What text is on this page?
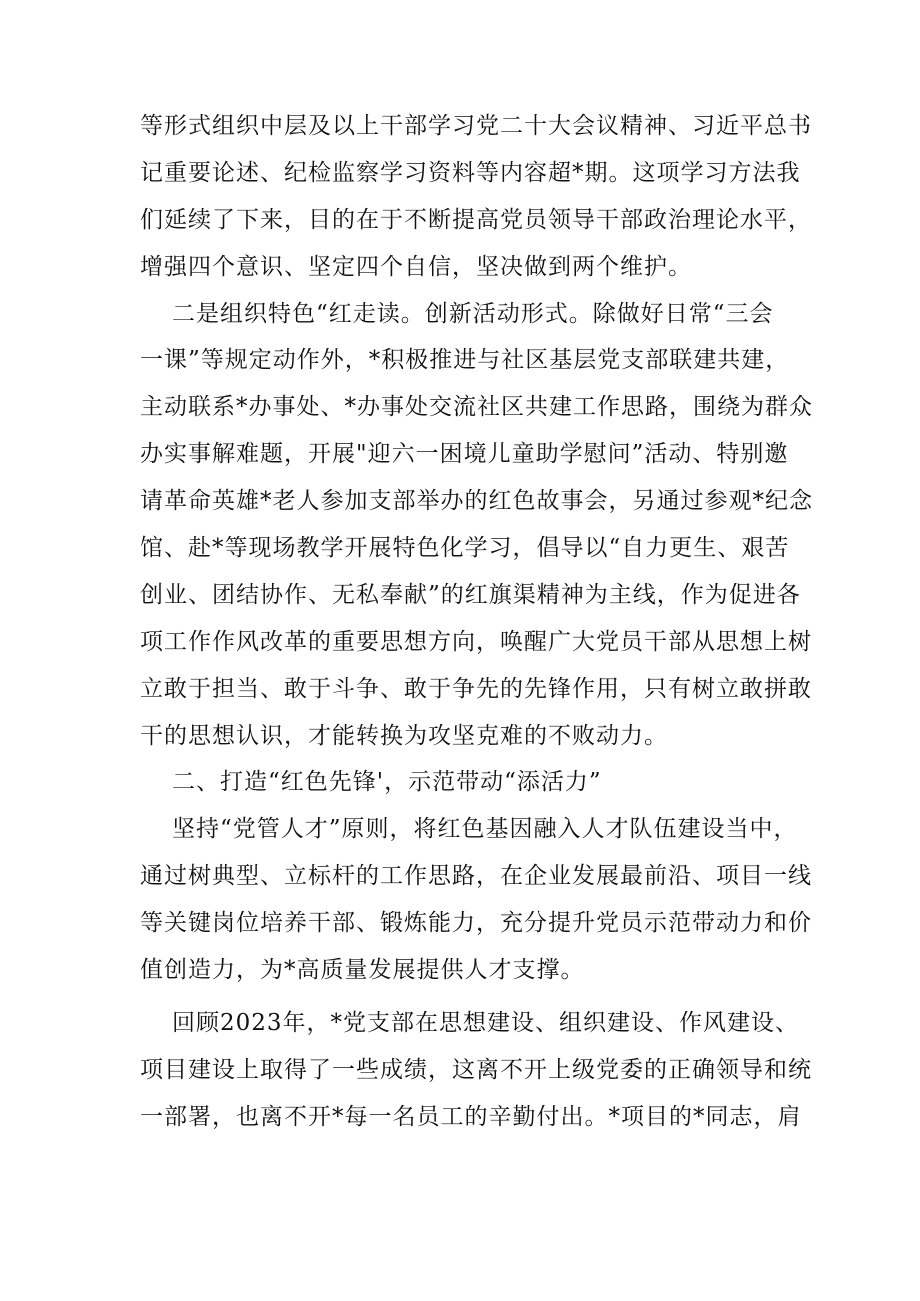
等形式组织中层及以上干部学习党二十大会议精神、习近平总书
记重要论述、纪检监察学习资料等内容超*期。这项学习方法我
们延续了下来，目的在于不断提高党员领导干部政治理论水平，
增强四个意识、坚定四个自信，坚决做到两个维护。
二是组织特色“红走读。创新活动形式。除做好日常“三会
一课”等规定动作外，*积极推进与社区基层党支部联建共建，
主动联系*办事处、*办事处交流社区共建工作思路，围绕为群众
办实事解难题，开展"迎六一困境儿童助学慰问”活动、特别邀
请革命英雄*老人参加支部举办的红色故事会，另通过参观*纪念
馆、赴*等现场教学开展特色化学习，倡导以“自力更生、艰苦
创业、团结协作、无私奉献”的红旗渠精神为主线，作为促进各
项工作作风改革的重要思想方向，唤醒广大党员干部从思想上树
立敢于担当、敢于斗争、敢于争先的先锋作用，只有树立敢拼敢
干的思想认识，才能转换为攻坚克难的不败动力。
二、打造“红色先锋'，示范带动“添活力”
坚持“党管人才”原则，将红色基因融入人才队伍建设当中，
通过树典型、立标杆的工作思路，在企业发展最前沿、项目一线
等关键岗位培养干部、锻炼能力，充分提升党员示范带动力和价
值创造力，为*高质量发展提供人才支撑。
回顾2023年，*党支部在思想建设、组织建设、作风建设、
项目建设上取得了一些成绩，这离不开上级党委的正确领导和统
一部署，也离不开*每一名员工的辛勤付出。*项目的*同志，肩
